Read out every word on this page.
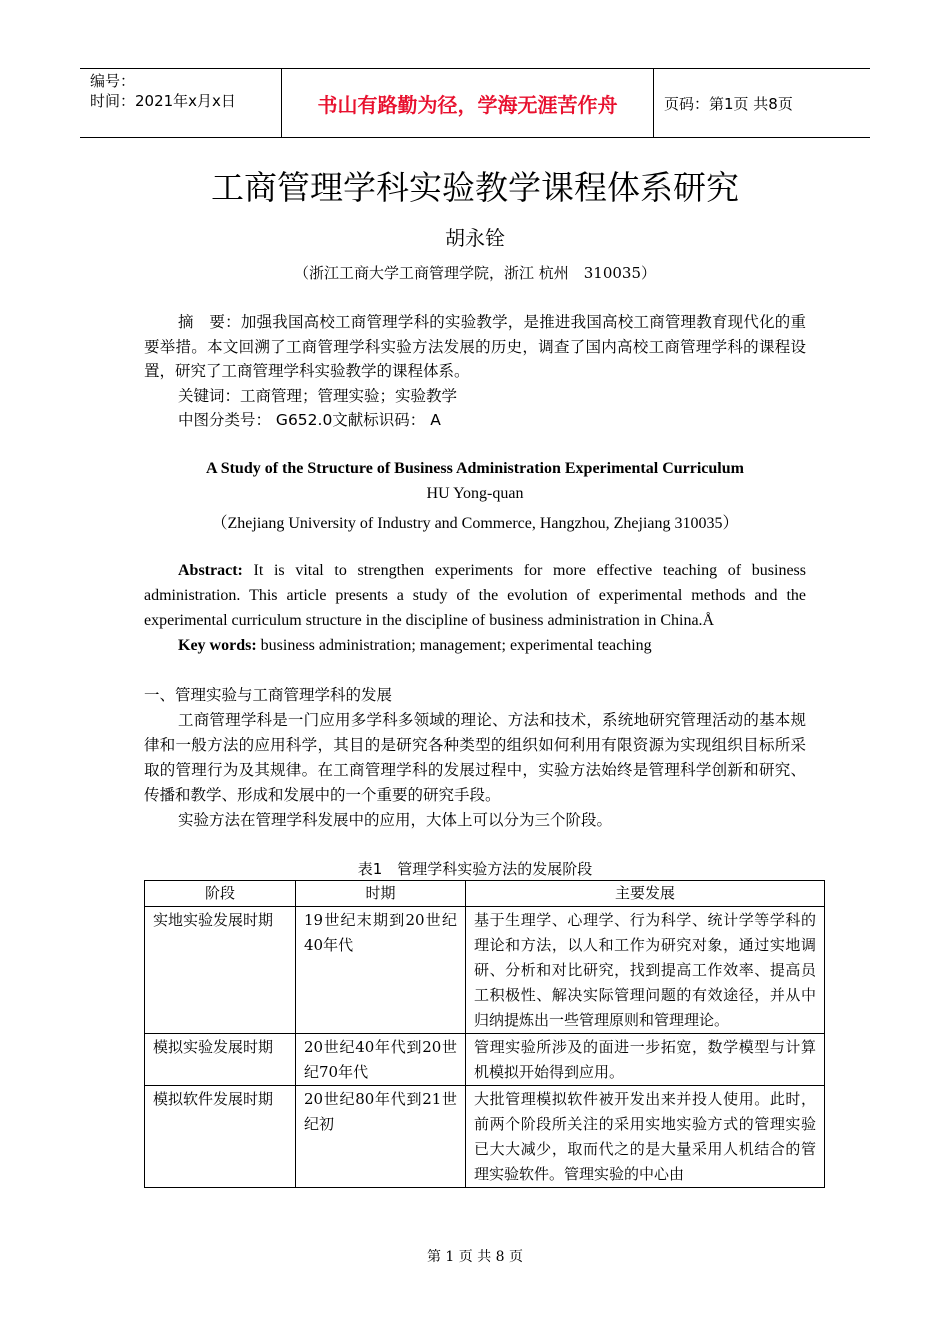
编号：
时间：2021年x月x日	书山有路勤为径，学海无涯苦作舟	页码：第1页 共8页
工商管理学科实验教学课程体系研究
胡永铨
（浙江工商大学工商管理学院，浙江 杭州　310035）

摘　要：加强我国高校工商管理学科的实验教学，是推进我国高校工商管理教育现代化的重要举措。本文回溯了工商管理学科实验方法发展的历史，调查了国内高校工商管理学科的课程设置，研究了工商管理学科实验教学的课程体系。

关键词：工商管理；管理实验；实验教学

中图分类号： G652.0文献标识码： A

A Study of the Structure of Business Administration Experimental Curriculum
HU Yong-quan
（Zhejiang University of Industry and Commerce, Hangzhou, Zhejiang 310035）

Abstract: It is vital to strengthen experiments for more effective teaching of business administration. This article presents a study of the evolution of experimental methods and the experimental curriculum structure in the discipline of business administration in China.Å

Key words: business administration; management; experimental teaching

一、管理实验与工商管理学科的发展

工商管理学科是一门应用多学科多领域的理论、方法和技术，系统地研究管理活动的基本规律和一般方法的应用科学，其目的是研究各种类型的组织如何利用有限资源为实现组织目标所采取的管理行为及其规律。在工商管理学科的发展过程中，实验方法始终是管理科学创新和研究、传播和教学、形成和发展中的一个重要的研究手段。

实验方法在管理学科发展中的应用，大体上可以分为三个阶段。

表1　管理学科实验方法的发展阶段
阶段	时期	主要发展
实地实验发展时期	19世纪末期到20世纪40年代	基于生理学、心理学、行为科学、统计学等学科的理论和方法，以人和工作为研究对象，通过实地调研、分析和对比研究，找到提高工作效率、提高员工积极性、解决实际管理问题的有效途径，并从中归纳提炼出一些管理原则和管理理论。
模拟实验发展时期	20世纪40年代到20世纪70年代	管理实验所涉及的面进一步拓宽，数学模型与计算机模拟开始得到应用。
模拟软件发展时期	20世纪80年代到21世纪初	大批管理模拟软件被开发出来并投人使用。此时，前两个阶段所关注的采用实地实验方式的管理实验已大大减少，取而代之的是大量采用人机结合的管理实验软件。管理实验的中心由
第 1 页 共 8 页
